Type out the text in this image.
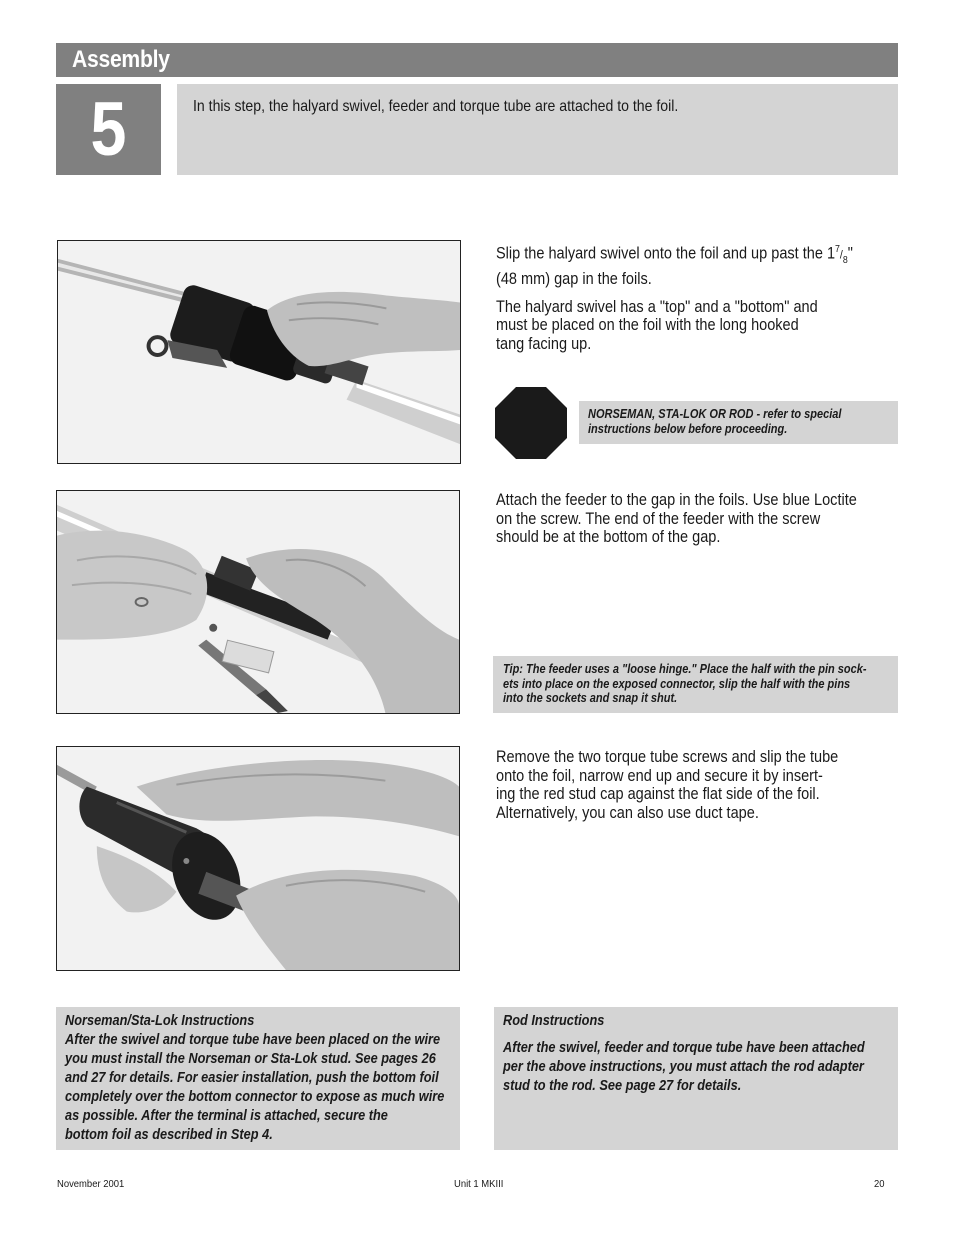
Assembly
5	In this step, the halyard swivel, feeder and torque tube are attached to the foil.

Slip the halyard swivel onto the foil and up past the $1^7/_8$"
(48 mm) gap in the foils.

The halyard swivel has a "top" and a "bottom" and
must be placed on the foil with the long hooked
tang facing up.

NORSEMAN, STA-LOK OR ROD - refer to special
instructions below before proceeding.
Attach the feeder to the gap in the foils. Use blue Loctite
on the screw. The end of the feeder with the screw
should be at the bottom of the gap.
Tip: The feeder uses a "loose hinge." Place the half with the pin sock-
ets into place on the exposed connector, slip the half with the pins
into the sockets and snap it shut.
Remove the two torque tube screws and slip the tube
onto the foil, narrow end up and secure it by insert-
ing the red stud cap against the flat side of the foil.
Alternatively, you can also use duct tape.
Norseman/Sta-Lok Instructions
After the swivel and torque tube have been placed on the wire
you must install the Norseman or Sta-Lok stud. See pages 26
and 27 for details. For easier installation, push the bottom foil
completely over the bottom connector to expose as much wire
as possible. After the terminal is attached, secure the
bottom foil as described in Step 4.
Rod Instructions
After the swivel, feeder and torque tube have been attached
per the above instructions, you must attach the rod adapter
stud to the rod. See page 27 for details.
November 2001	Unit 1 MKIII	20
